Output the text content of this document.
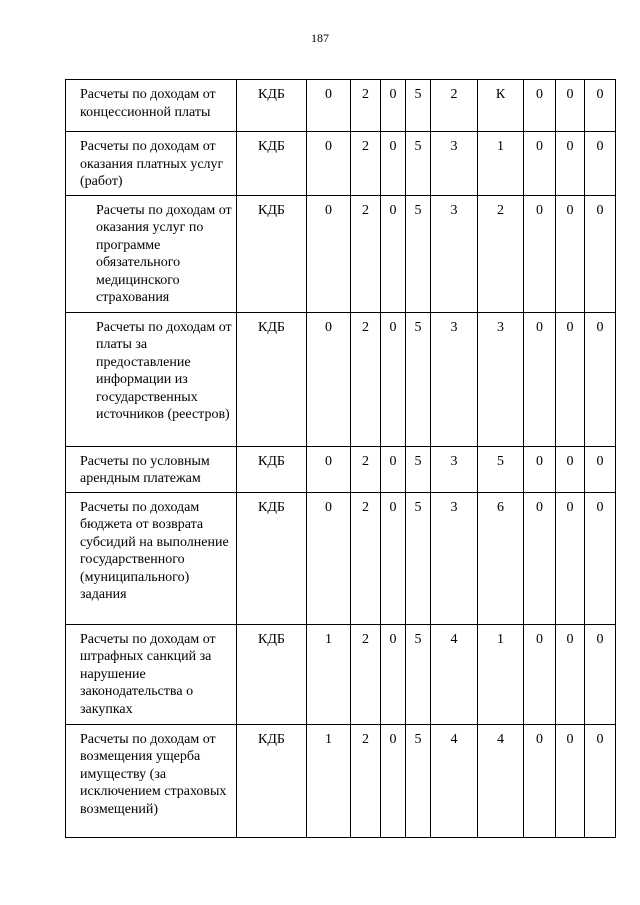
187
Расчеты по доходам от концессионной платы	КДБ	0	2	0	5	2	К	0	0	0
Расчеты по доходам от оказания платных услуг (работ)	КДБ	0	2	0	5	3	1	0	0	0
Расчеты по доходам от оказания услуг по программе обязательного медицинского страхования	КДБ	0	2	0	5	3	2	0	0	0
Расчеты по доходам от платы за предоставление информации из государственных источников (реестров)	КДБ	0	2	0	5	3	3	0	0	0
Расчеты по условным арендным платежам	КДБ	0	2	0	5	3	5	0	0	0
Расчеты по доходам бюджета от возврата субсидий на выполнение государственного (муниципального) задания	КДБ	0	2	0	5	3	6	0	0	0
Расчеты по доходам от штрафных санкций за нарушение законодательства о закупках	КДБ	1	2	0	5	4	1	0	0	0
Расчеты по доходам от возмещения ущерба имуществу (за исключением страховых возмещений)	КДБ	1	2	0	5	4	4	0	0	0
